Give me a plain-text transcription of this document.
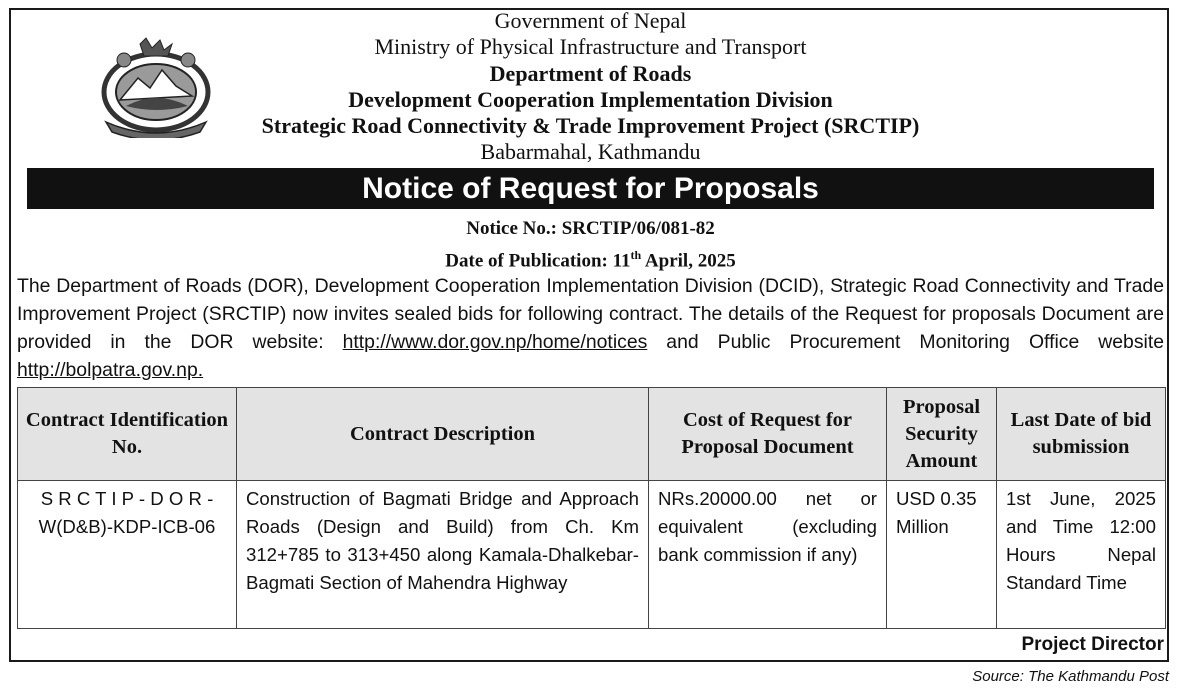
Government of Nepal
Ministry of Physical Infrastructure and Transport
Department of Roads
Development Cooperation Implementation Division
Strategic Road Connectivity & Trade Improvement Project (SRCTIP)
Babarmahal, Kathmandu
Notice of Request for Proposals
Notice No.: SRCTIP/06/081-82
Date of Publication: 11th April, 2025
The Department of Roads (DOR), Development Cooperation Implementation Division (DCID), Strategic Road Connectivity and Trade Improvement Project (SRCTIP) now invites sealed bids for following contract. The details of the Request for proposals Document are provided in the DOR website: http://www.dor.gov.np/home/notices and Public Procurement Monitoring Office website http://bolpatra.gov.np.
Contract Identification No.	Contract Description	Cost of Request for Proposal Document	Proposal Security Amount	Last Date of bid submission
S R C T I P - D O R - W(D&B)-KDP-ICB-06	Construction of Bagmati Bridge and Approach Roads (Design and Build) from Ch. Km 312+785 to 313+450 along Kamala-Dhalkebar-Bagmati Section of Mahendra Highway	NRs.20000.00 net or equivalent (excluding bank commission if any)	USD 0.35 Million	1st June, 2025 and Time 12:00 Hours Nepal Standard Time
Project Director
Source: The Kathmandu Post
